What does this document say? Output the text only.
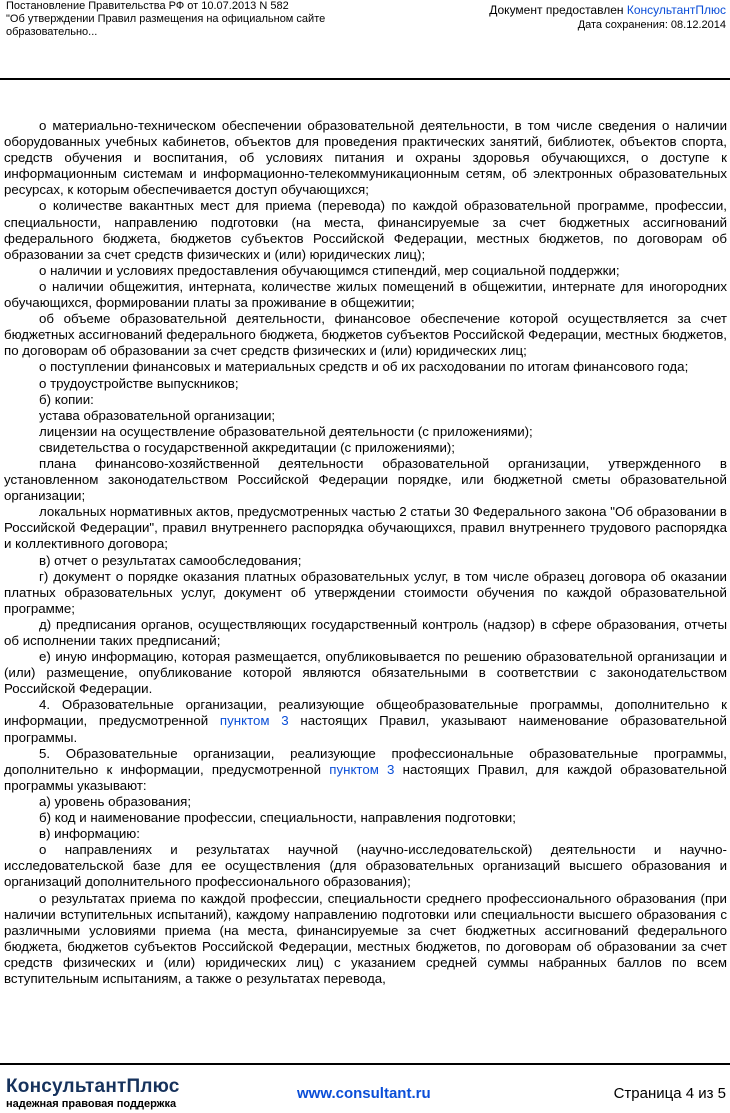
Постановление Правительства РФ от 10.07.2013 N 582
"Об утверждении Правил размещения на официальном сайте
образовательно...
Документ предоставлен КонсультантПлюс
Дата сохранения: 08.12.2014

о материально-техническом обеспечении образовательной деятельности, в том числе сведения о наличии оборудованных учебных кабинетов, объектов для проведения практических занятий, библиотек, объектов спорта, средств обучения и воспитания, об условиях питания и охраны здоровья обучающихся, о доступе к информационным системам и информационно-телекоммуникационным сетям, об электронных образовательных ресурсах, к которым обеспечивается доступ обучающихся;

о количестве вакантных мест для приема (перевода) по каждой образовательной программе, профессии, специальности, направлению подготовки (на места, финансируемые за счет бюджетных ассигнований федерального бюджета, бюджетов субъектов Российской Федерации, местных бюджетов, по договорам об образовании за счет средств физических и (или) юридических лиц);

о наличии и условиях предоставления обучающимся стипендий, мер социальной поддержки;

о наличии общежития, интерната, количестве жилых помещений в общежитии, интернате для иногородних обучающихся, формировании платы за проживание в общежитии;

об объеме образовательной деятельности, финансовое обеспечение которой осуществляется за счет бюджетных ассигнований федерального бюджета, бюджетов субъектов Российской Федерации, местных бюджетов, по договорам об образовании за счет средств физических и (или) юридических лиц;

о поступлении финансовых и материальных средств и об их расходовании по итогам финансового года;

о трудоустройстве выпускников;

б) копии:

устава образовательной организации;

лицензии на осуществление образовательной деятельности (с приложениями);

свидетельства о государственной аккредитации (с приложениями);

плана финансово-хозяйственной деятельности образовательной организации, утвержденного в установленном законодательством Российской Федерации порядке, или бюджетной сметы образовательной организации;

локальных нормативных актов, предусмотренных частью 2 статьи 30 Федерального закона "Об образовании в Российской Федерации", правил внутреннего распорядка обучающихся, правил внутреннего трудового распорядка и коллективного договора;

в) отчет о результатах самообследования;

г) документ о порядке оказания платных образовательных услуг, в том числе образец договора об оказании платных образовательных услуг, документ об утверждении стоимости обучения по каждой образовательной программе;

д) предписания органов, осуществляющих государственный контроль (надзор) в сфере образования, отчеты об исполнении таких предписаний;

е) иную информацию, которая размещается, опубликовывается по решению образовательной организации и (или) размещение, опубликование которой являются обязательными в соответствии с законодательством Российской Федерации.

4. Образовательные организации, реализующие общеобразовательные программы, дополнительно к информации, предусмотренной пунктом 3 настоящих Правил, указывают наименование образовательной программы.

5. Образовательные организации, реализующие профессиональные образовательные программы, дополнительно к информации, предусмотренной пунктом 3 настоящих Правил, для каждой образовательной программы указывают:

а) уровень образования;

б) код и наименование профессии, специальности, направления подготовки;

в) информацию:

о направлениях и результатах научной (научно-исследовательской) деятельности и научно-исследовательской базе для ее осуществления (для образовательных организаций высшего образования и организаций дополнительного профессионального образования);

о результатах приема по каждой профессии, специальности среднего профессионального образования (при наличии вступительных испытаний), каждому направлению подготовки или специальности высшего образования с различными условиями приема (на места, финансируемые за счет бюджетных ассигнований федерального бюджета, бюджетов субъектов Российской Федерации, местных бюджетов, по договорам об образовании за счет средств физических и (или) юридических лиц) с указанием средней суммы набранных баллов по всем вступительным испытаниям, а также о результатах перевода,

КонсультантПлюс
надежная правовая поддержка
www.consultant.ru	Страница 4 из 5
